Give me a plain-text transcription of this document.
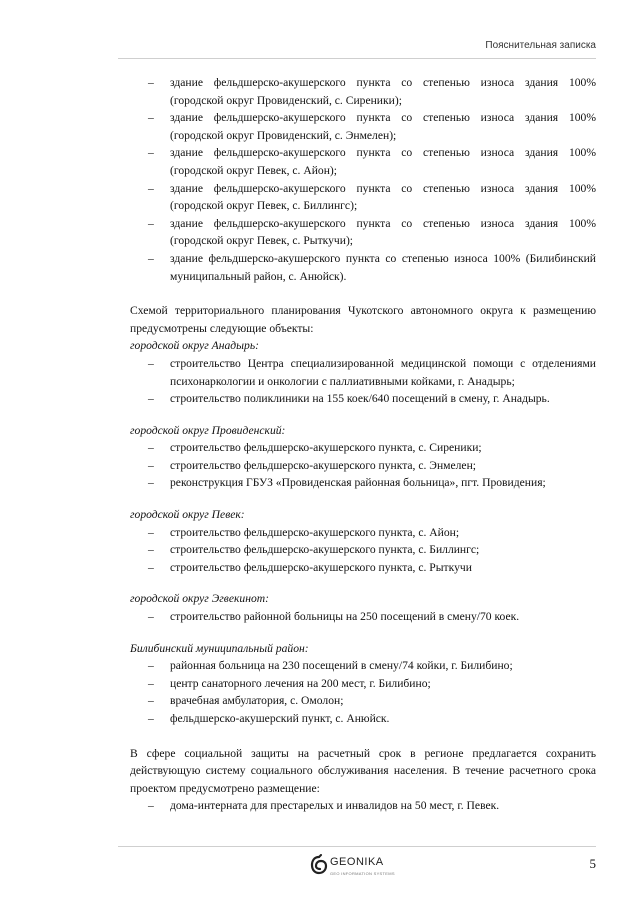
Пояснительная записка
– здание фельдшерско-акушерского пункта со степенью износа здания 100% (городской округ Провиденский, с. Сиреники);
– здание фельдшерско-акушерского пункта со степенью износа здания 100% (городской округ Провиденский, с. Энмелен);
– здание фельдшерско-акушерского пункта со степенью износа здания 100% (городской округ Певек, с. Айон);
– здание фельдшерско-акушерского пункта со степенью износа здания 100% (городской округ Певек, с. Биллингс);
– здание фельдшерско-акушерского пункта со степенью износа здания 100% (городской округ Певек, с. Рыткучи);
– здание фельдшерско-акушерского пункта со степенью износа 100% (Билибинский муниципальный район, с. Анюйск).
Схемой территориального планирования Чукотского автономного округа к размещению предусмотрены следующие объекты:
городской округ Анадырь:
– строительство Центра специализированной медицинской помощи с отделениями психонаркологии и онкологии с паллиативными койками, г. Анадырь;
– строительство поликлиники на 155 коек/640 посещений в смену, г. Анадырь.
городской округ Провиденский:
– строительство фельдшерско-акушерского пункта, с. Сиреники;
– строительство фельдшерско-акушерского пункта, с. Энмелен;
– реконструкция ГБУЗ «Провиденская районная больница», пгт. Провидения;
городской округ Певек:
– строительство фельдшерско-акушерского пункта, с. Айон;
– строительство фельдшерско-акушерского пункта, с. Биллингс;
– строительство фельдшерско-акушерского пункта, с. Рыткучи
городской округ Эгвекинот:
– строительство районной больницы на 250 посещений в смену/70 коек.
Билибинский муниципальный район:
– районная больница на 230 посещений в смену/74 койки, г. Билибино;
– центр санаторного лечения на 200 мест, г. Билибино;
– врачебная амбулатория, с. Омолон;
– фельдшерско-акушерский пункт, с. Анюйск.
В сфере социальной защиты на расчетный срок в регионе предлагается сохранить действующую систему социального обслуживания населения. В течение расчетного срока проектом предусмотрено размещение:
– дома-интерната для престарелых и инвалидов на 50 мест, г. Певек.
GEONIKA
GEO INFORMATION SYSTEMS
5
